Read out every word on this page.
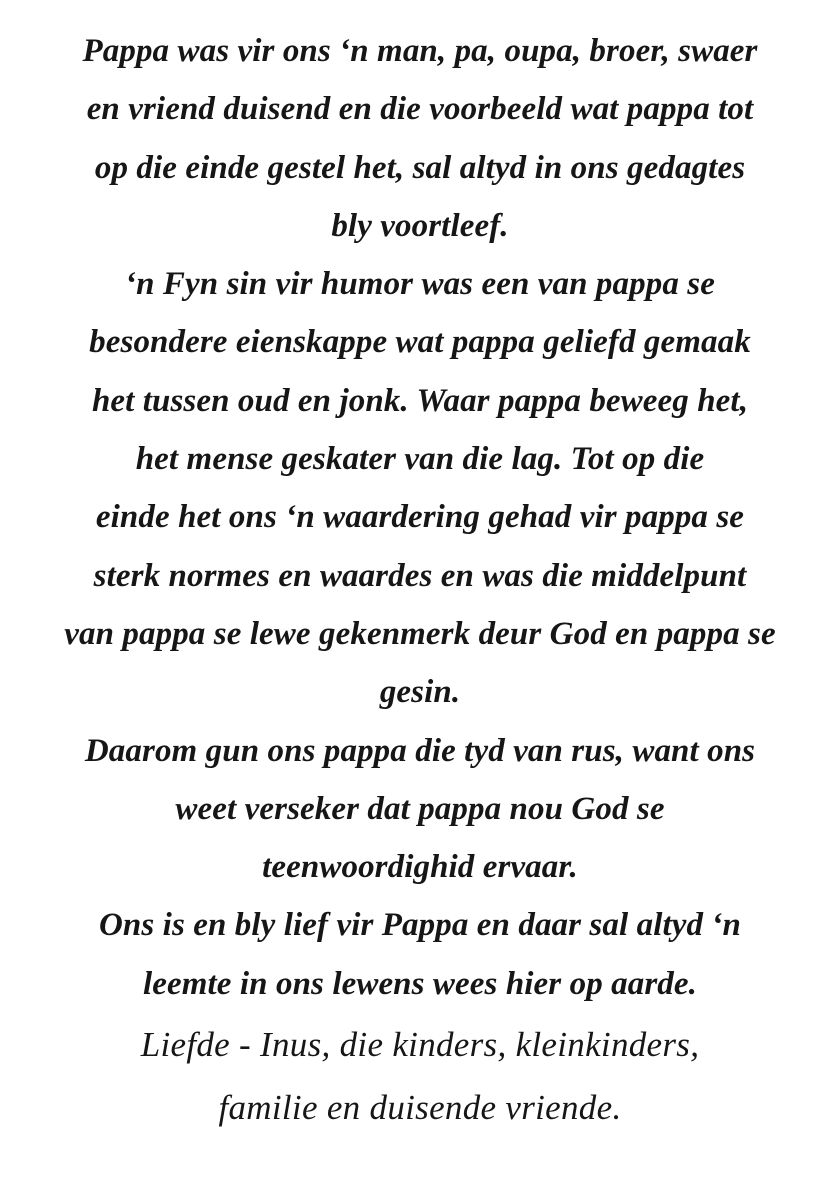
Pappa was vir ons ‘n man, pa, oupa, broer, swaer
en vriend duisend en die voorbeeld wat pappa tot
op die einde gestel het, sal altyd in ons gedagtes
bly voortleef.
‘n Fyn sin vir humor was een van pappa se
besondere eienskappe wat pappa geliefd gemaak
het tussen oud en jonk. Waar pappa beweeg het,
het mense geskater van die lag. Tot op die
einde het ons ‘n waardering gehad vir pappa se
sterk normes en waardes en was die middelpunt
van pappa se lewe gekenmerk deur God en pappa se
gesin.
Daarom gun ons pappa die tyd van rus, want ons
weet verseker dat pappa nou God se
teenwoordighid ervaar.
Ons is en bly lief vir Pappa en daar sal altyd ‘n
leemte in ons lewens wees hier op aarde.
Liefde - Inus, die kinders, kleinkinders,
familie en duisende vriende.
